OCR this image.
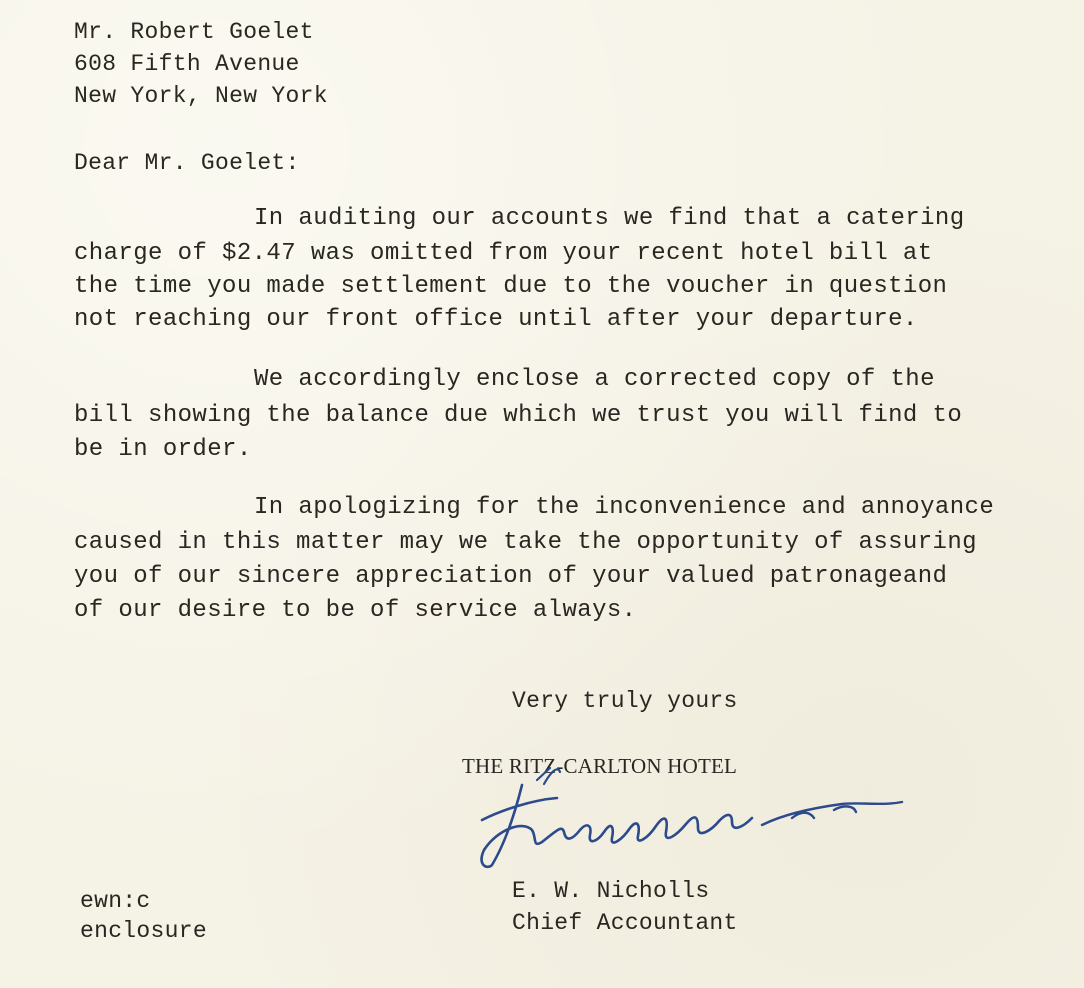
Mr. Robert Goelet
608 Fifth Avenue
New York, New York
Dear Mr. Goelet:
In auditing our accounts we find that a catering
charge of $2.47 was omitted from your recent hotel bill at
the time you made settlement due to the voucher in question
not reaching our front office until after your departure.
We accordingly enclose a corrected copy of the
bill showing the balance due which we trust you will find to
be in order.
In apologizing for the inconvenience and annoyance
caused in this matter may we take the opportunity of assuring
you of our sincere appreciation of your valued patronageand
of our desire to be of service always.
Very truly yours
THE RITZ-CARLTON HOTEL
E. W. Nicholls
Chief Accountant
ewn:c
enclosure
